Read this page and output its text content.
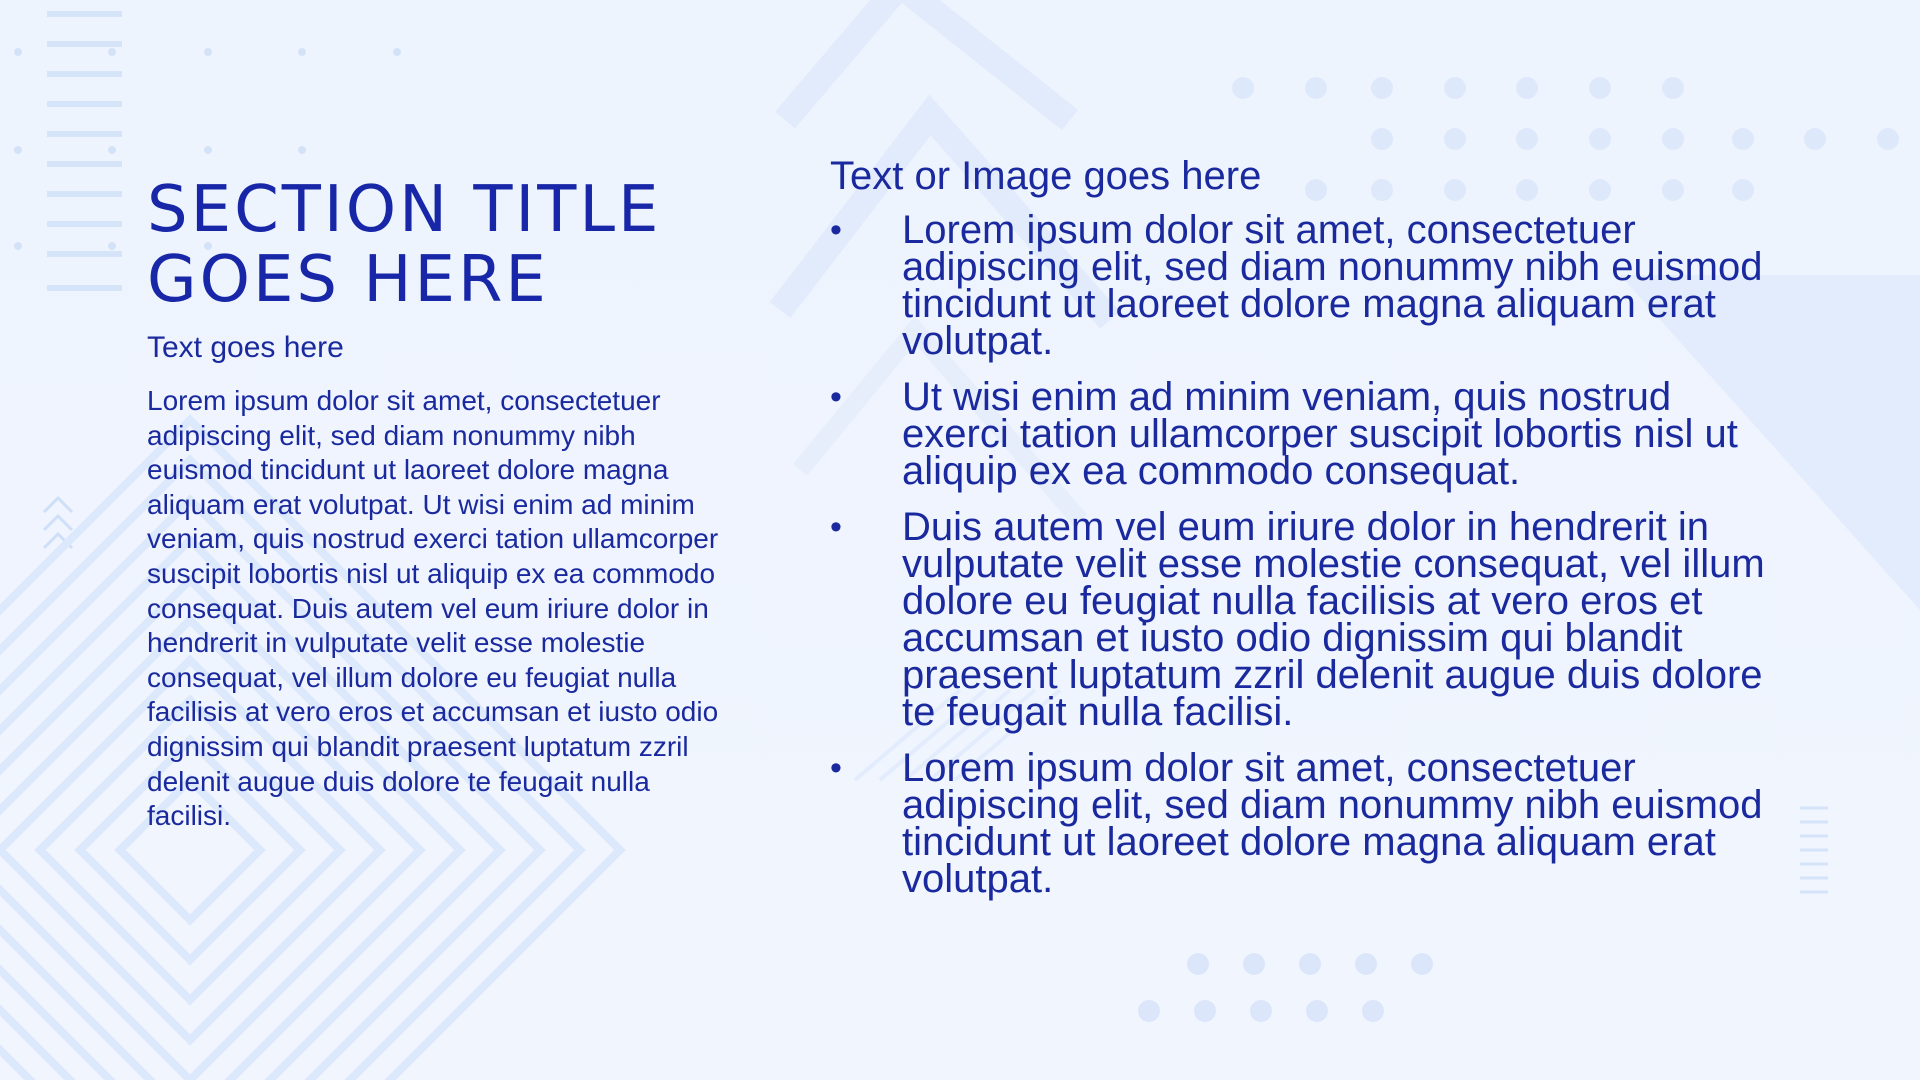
SECTION TITLE
GOES HERE

Text goes here

Lorem ipsum dolor sit amet, consectetuer adipiscing elit, sed diam nonummy nibh euismod tincidunt ut laoreet dolore magna aliquam erat volutpat. Ut wisi enim ad minim veniam, quis nostrud exerci tation ullamcorper suscipit lobortis nisl ut aliquip ex ea commodo consequat. Duis autem vel eum iriure dolor in hendrerit in vulputate velit esse molestie consequat, vel illum dolore eu feugiat nulla facilisis at vero eros et accumsan et iusto odio dignissim qui blandit praesent luptatum zzril delenit augue duis dolore te feugait nulla facilisi.

Text or Image goes here

• Lorem ipsum dolor sit amet, consectetuer adipiscing elit, sed diam nonummy nibh euismod tincidunt ut laoreet dolore magna aliquam erat volutpat.
• Ut wisi enim ad minim veniam, quis nostrud exerci tation ullamcorper suscipit lobortis nisl ut aliquip ex ea commodo consequat.
• Duis autem vel eum iriure dolor in hendrerit in vulputate velit esse molestie consequat, vel illum dolore eu feugiat nulla facilisis at vero eros et accumsan et iusto odio dignissim qui blandit praesent luptatum zzril delenit augue duis dolore te feugait nulla facilisi.
• Lorem ipsum dolor sit amet, consectetuer adipiscing elit, sed diam nonummy nibh euismod tincidunt ut laoreet dolore magna aliquam erat volutpat.
